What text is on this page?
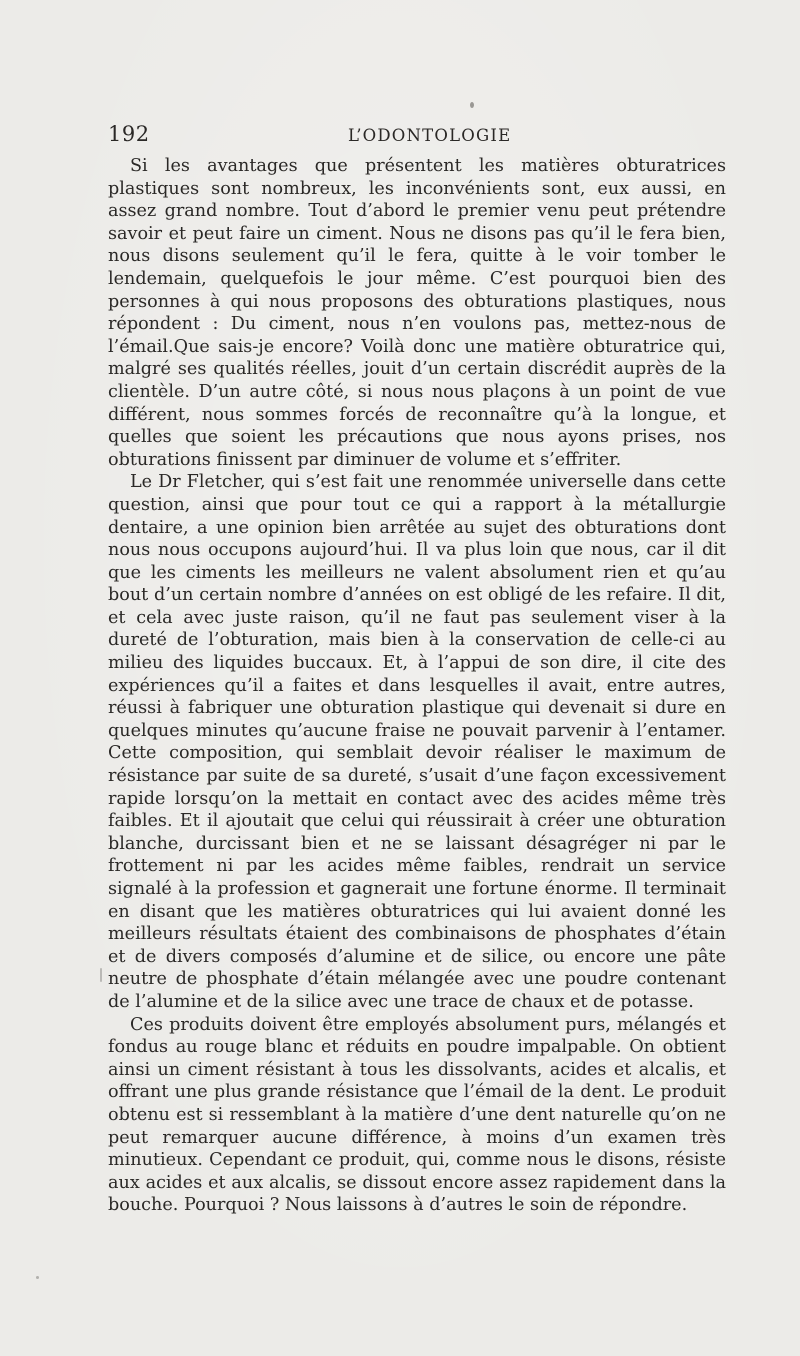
192	L’ODONTOLOGIE

Si les avantages que présentent les matières obturatrices plastiques sont nombreux, les inconvénients sont, eux aussi, en assez grand nombre. Tout d’abord le premier venu peut prétendre savoir et peut faire un ciment. Nous ne disons pas qu’il le fera bien, nous disons seulement qu’il le fera, quitte à le voir tomber le lendemain, quelquefois le jour même. C’est pourquoi bien des personnes à qui nous proposons des obturations plastiques, nous répondent : Du ciment, nous n’en voulons pas, mettez-nous de l’émail.Que sais-je encore? Voilà donc une matière obturatrice qui, malgré ses qualités réelles, jouit d’un certain discrédit auprès de la clientèle. D’un autre côté, si nous nous plaçons à un point de vue différent, nous sommes forcés de reconnaître qu’à la longue, et quelles que soient les précautions que nous ayons prises, nos obturations finissent par diminuer de volume et s’effriter.

Le Dr Fletcher, qui s’est fait une renommée universelle dans cette question, ainsi que pour tout ce qui a rapport à la métallurgie dentaire, a une opinion bien arrêtée au sujet des obturations dont nous nous occupons aujourd’hui. Il va plus loin que nous, car il dit que les ciments les meilleurs ne valent absolument rien et qu’au bout d’un certain nombre d’années on est obligé de les refaire. Il dit, et cela avec juste raison, qu’il ne faut pas seulement viser à la dureté de l’obturation, mais bien à la conservation de celle-ci au milieu des liquides buccaux. Et, à l’appui de son dire, il cite des expériences qu’il a faites et dans lesquelles il avait, entre autres, réussi à fabriquer une obturation plastique qui devenait si dure en quelques minutes qu’aucune fraise ne pouvait parvenir à l’entamer. Cette composition, qui semblait devoir réaliser le maximum de résistance par suite de sa dureté, s’usait d’une façon excessivement rapide lorsqu’on la mettait en contact avec des acides même très faibles. Et il ajoutait que celui qui réussirait à créer une obturation blanche, durcissant bien et ne se laissant désagréger ni par le frottement ni par les acides même faibles, rendrait un service signalé à la profession et gagnerait une fortune énorme. Il terminait en disant que les matières obturatrices qui lui avaient donné les meilleurs résultats étaient des combinaisons de phosphates d’étain et de divers composés d’alumine et de silice, ou encore une pâte neutre de phosphate d’étain mélangée avec une poudre contenant de l’alumine et de la silice avec une trace de chaux et de potasse.

Ces produits doivent être employés absolument purs, mélangés et fondus au rouge blanc et réduits en poudre impalpable. On obtient ainsi un ciment résistant à tous les dissolvants, acides et alcalis, et offrant une plus grande résistance que l’émail de la dent. Le produit obtenu est si ressemblant à la matière d’une dent naturelle qu’on ne peut remarquer aucune différence, à moins d’un examen très minutieux. Cependant ce produit, qui, comme nous le disons, résiste aux acides et aux alcalis, se dissout encore assez rapidement dans la bouche. Pourquoi ? Nous laissons à d’autres le soin de répondre.
